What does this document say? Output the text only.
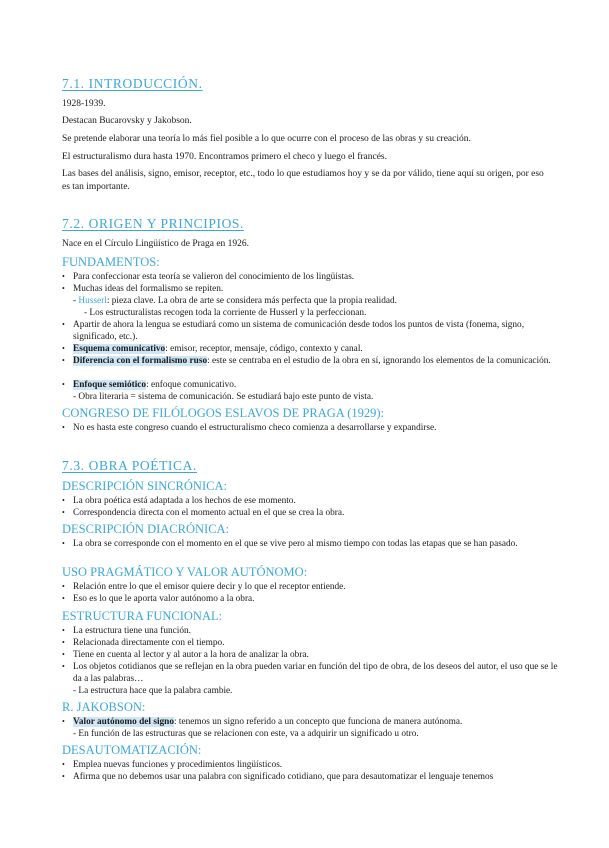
7.1. INTRODUCCIÓN.
1928-1939.
Destacan Bucarovsky y Jakobson.
Se pretende elaborar una teoría lo más fiel posible a lo que ocurre con el proceso de las obras y su creación.
El estructuralismo dura hasta 1970. Encontramos primero el checo y luego el francés.
Las bases del análisis, signo, emisor, receptor, etc., todo lo que estudiamos hoy y se da por válido, tiene aquí su origen, por eso es tan importante.
7.2. ORIGEN Y PRINCIPIOS.
Nace en el Círculo Lingüístico de Praga en 1926.
FUNDAMENTOS:
• Para confeccionar esta teoría se valieron del conocimiento de los lingüistas.
• Muchas ideas del formalismo se repiten.
- Husserl: pieza clave. La obra de arte se considera más perfecta que la propia realidad.
- Los estructuralistas recogen toda la corriente de Husserl y la perfeccionan.
• Apartir de ahora la lengua se estudiará como un sistema de comunicación desde todos los puntos de vista (fonema, signo, significado, etc.).
• Esquema comunicativo: emisor, receptor, mensaje, código, contexto y canal.
• Diferencia con el formalismo ruso: este se centraba en el estudio de la obra en sí, ignorando los elementos de la comunicación.
• Enfoque semiótico: enfoque comunicativo.
- Obra literaria = sistema de comunicación. Se estudiará bajo este punto de vista.
CONGRESO DE FILÓLOGOS ESLAVOS DE PRAGA (1929):
• No es hasta este congreso cuando el estructuralismo checo comienza a desarrollarse y expandirse.
7.3. OBRA POÉTICA.
DESCRIPCIÓN SINCRÓNICA:
• La obra poética está adaptada a los hechos de ese momento.
• Correspondencia directa con el momento actual en el que se crea la obra.
DESCRIPCIÓN DIACRÓNICA:
• La obra se corresponde con el momento en el que se vive pero al mismo tiempo con todas las etapas que se han pasado.
USO PRAGMÁTICO Y VALOR AUTÓNOMO:
• Relación entre lo que el emisor quiere decir y lo que el receptor entiende.
• Eso es lo que le aporta valor autónomo a la obra.
ESTRUCTURA FUNCIONAL:
• La estructura tiene una función.
• Relacionada directamente con el tiempo.
• Tiene en cuenta al lector y al autor a la hora de analizar la obra.
• Los objetos cotidianos que se reflejan en la obra pueden variar en función del tipo de obra, de los deseos del autor, el uso que se le da a las palabras…
- La estructura hace que la palabra cambie.
R. JAKOBSON:
• Valor autónomo del signo: tenemos un signo referido a un concepto que funciona de manera autónoma.
- En función de las estructuras que se relacionen con este, va a adquirir un significado u otro.
DESAUTOMATIZACIÓN:
• Emplea nuevas funciones y procedimientos lingüísticos.
• Afirma que no debemos usar una palabra con significado cotidiano, que para desautomatizar el lenguaje tenemos
